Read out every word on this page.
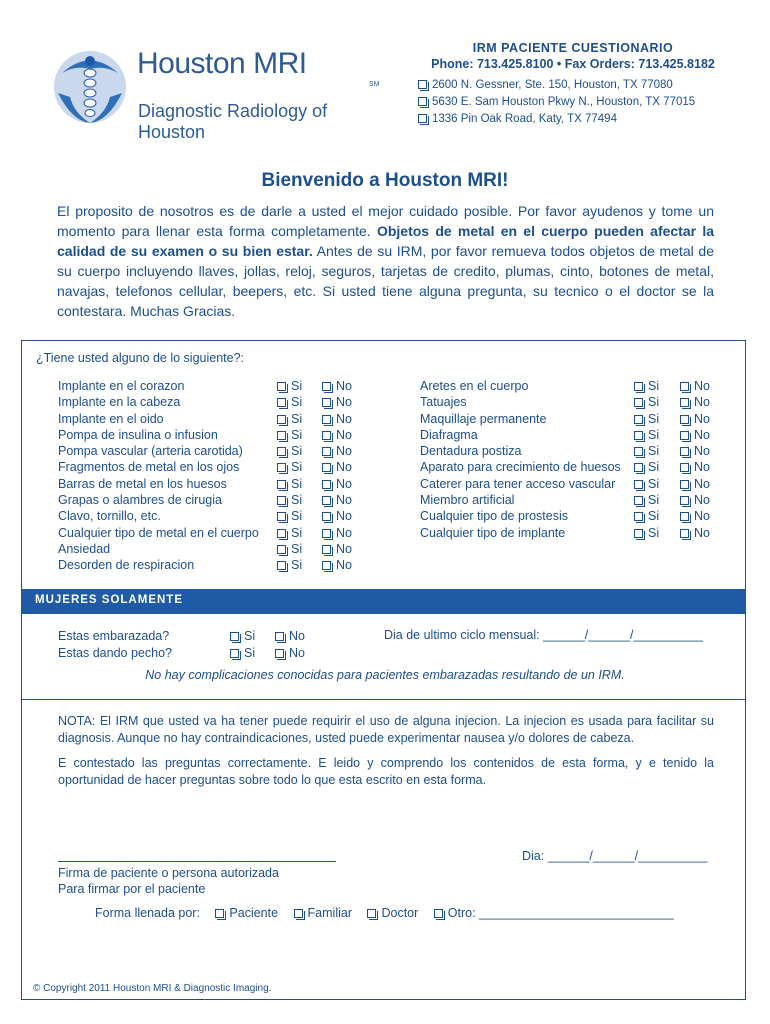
Houston MRI
SM
Diagnostic Radiology of Houston
IRM PACIENTE CUESTIONARIO
Phone: 713.425.8100 • Fax Orders: 713.425.8182
2600 N. Gessner, Ste. 150, Houston, TX 77080
5630 E. Sam Houston Pkwy N., Houston, TX 77015
1336 Pin Oak Road, Katy, TX 77494
Bienvenido a Houston MRI!
El proposito de nosotros es de darle a usted el mejor cuidado posible. Por favor ayudenos y tome un momento para llenar esta forma completamente. Objetos de metal en el cuerpo pueden afectar la calidad de su examen o su bien estar. Antes de su IRM, por favor remueva todos objetos de metal de su cuerpo incluyendo llaves, jollas, reloj, seguros, tarjetas de credito, plumas, cinto, botones de metal, navajas, telefonos cellular, beepers, etc. Si usted tiene alguna pregunta, su tecnico o el doctor se la contestara. Muchas Gracias.
¿Tiene usted alguno de lo siguiente?:
Implante en el corazon
Implante en la cabeza
Implante en el oido
Pompa de insulina o infusion
Pompa vascular (arteria carotida)
Fragmentos de metal en los ojos
Barras de metal en los huesos
Grapas o alambres de cirugia
Clavo, tornillo, etc.
Cualquier tipo de metal en el cuerpo
Ansiedad
Desorden de respiracion
Si
Si
Si
Si
Si
Si
Si
Si
Si
Si
Si
Si
No
No
No
No
No
No
No
No
No
No
No
No
Aretes en el cuerpo
Tatuajes
Maquillaje permanente
Diafragma
Dentadura postiza
Aparato para crecimiento de huesos
Caterer para tener acceso vascular
Miembro artificial
Cualquier tipo de prostesis
Cualquier tipo de implante
Si
Si
Si
Si
Si
Si
Si
Si
Si
Si
No
No
No
No
No
No
No
No
No
No
MUJERES SOLAMENTE
Estas embarazada?
Estas dando pecho?
Si
Si
No
No
Dia de ultimo ciclo mensual: ______/______/__________
No hay complicaciones conocidas para pacientes embarazadas resultando de un IRM.
NOTA: El IRM que usted va ha tener puede requirir el uso de alguna injecion. La injecion es usada para facilitar su diagnosis. Aunque no hay contraindicaciones, usted puede experimentar nausea y/o dolores de cabeza.
E contestado las preguntas correctamente. E leido y comprendo los contenidos de esta forma, y e tenido la oportunidad de hacer preguntas sobre todo lo que esta escrito en esta forma.
Dia: ______/______/__________
Firma de paciente o persona autorizada
Para firmar por el paciente
Forma llenada por: Paciente Familiar Doctor Otro: ____________________________
© Copyright 2011 Houston MRI & Diagnostic Imaging.
